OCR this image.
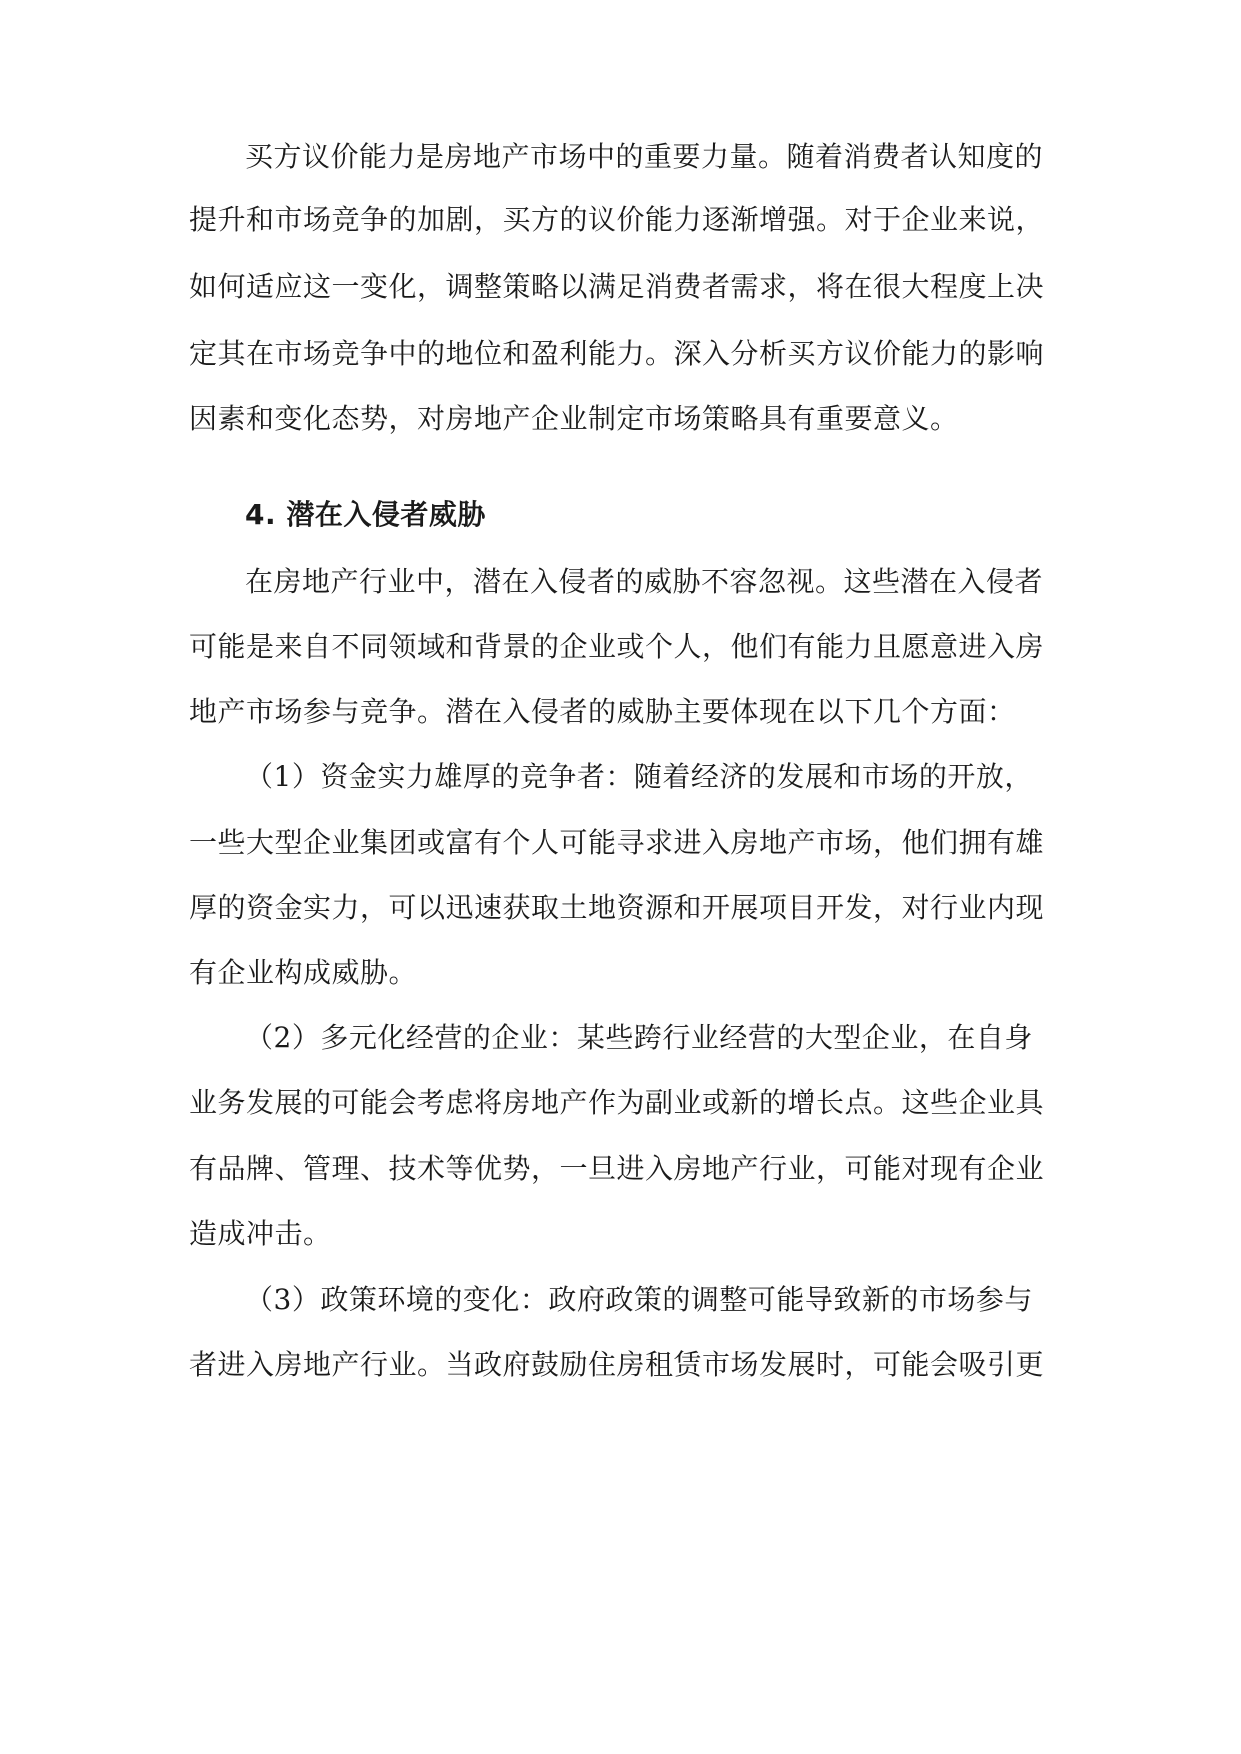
买方议价能力是房地产市场中的重要力量。随着消费者认知度的
提升和市场竞争的加剧，买方的议价能力逐渐增强。对于企业来说，
如何适应这一变化，调整策略以满足消费者需求，将在很大程度上决
定其在市场竞争中的地位和盈利能力。深入分析买方议价能力的影响
因素和变化态势，对房地产企业制定市场策略具有重要意义。
4. 潜在入侵者威胁
在房地产行业中，潜在入侵者的威胁不容忽视。这些潜在入侵者
可能是来自不同领域和背景的企业或个人，他们有能力且愿意进入房
地产市场参与竞争。潜在入侵者的威胁主要体现在以下几个方面：
（1）资金实力雄厚的竞争者：随着经济的发展和市场的开放，
一些大型企业集团或富有个人可能寻求进入房地产市场，他们拥有雄
厚的资金实力，可以迅速获取土地资源和开展项目开发，对行业内现
有企业构成威胁。
（2）多元化经营的企业：某些跨行业经营的大型企业，在自身
业务发展的可能会考虑将房地产作为副业或新的增长点。这些企业具
有品牌、管理、技术等优势，一旦进入房地产行业，可能对现有企业
造成冲击。
（3）政策环境的变化：政府政策的调整可能导致新的市场参与
者进入房地产行业。当政府鼓励住房租赁市场发展时，可能会吸引更
